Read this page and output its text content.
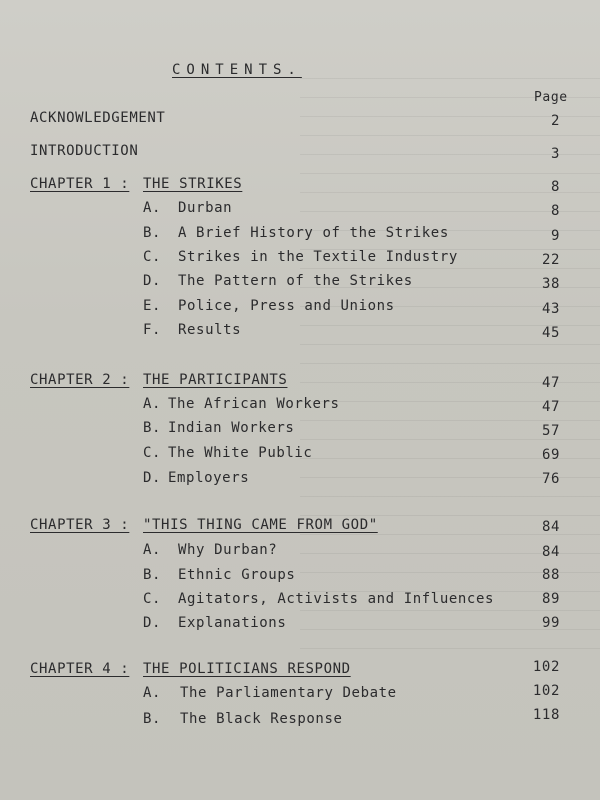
CONTENTS.
Page
ACKNOWLEDGEMENT	2
INTRODUCTION	3
CHAPTER 1 : THE STRIKES	8
A. Durban	8
B. A Brief History of the Strikes	9
C. Strikes in the Textile Industry	22
D. The Pattern of the Strikes	38
E. Police, Press and Unions	43
F. Results	45
CHAPTER 2 : THE PARTICIPANTS	47
A. The African Workers	47
B. Indian Workers	57
C. The White Public	69
D. Employers	76
CHAPTER 3 : "THIS THING CAME FROM GOD"	84
A. Why Durban?	84
B. Ethnic Groups	88
C. Agitators, Activists and Influences	89
D. Explanations	99
CHAPTER 4 : THE POLITICIANS RESPOND	102
A. The Parliamentary Debate	102
B. The Black Response	118
